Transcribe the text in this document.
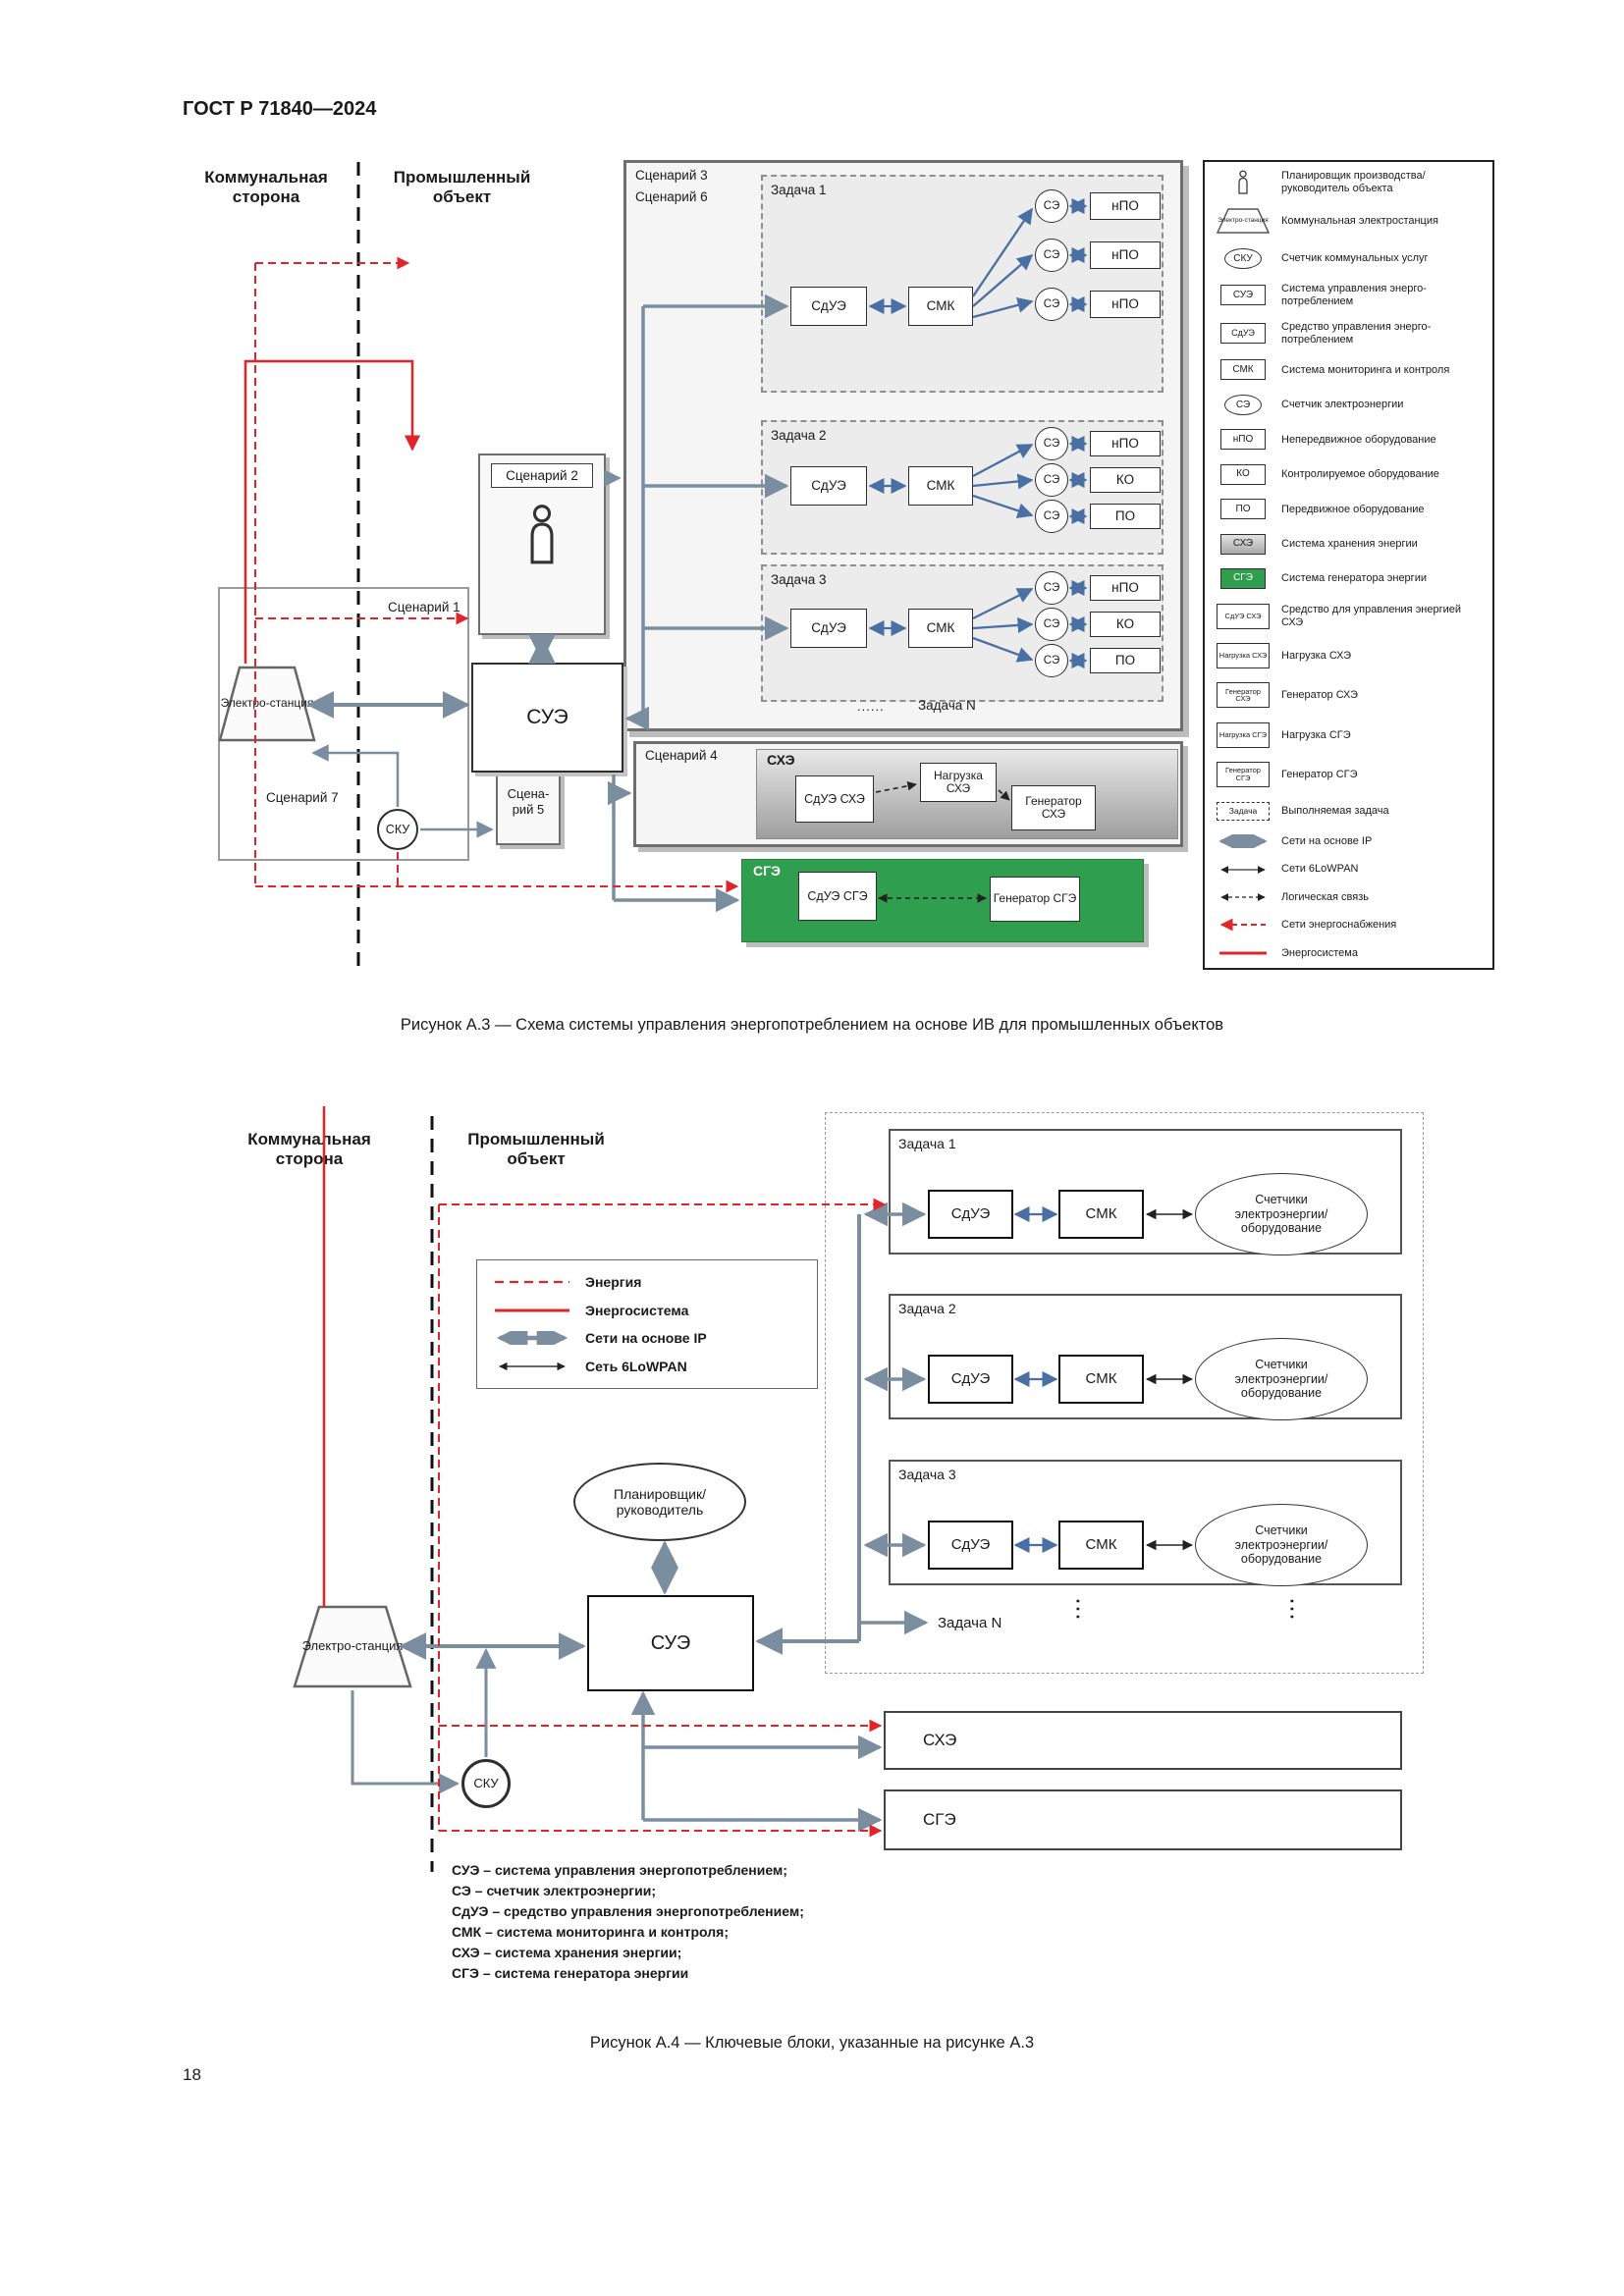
ГОСТ Р 71840—2024
Коммунальная сторона
Промышленный объект
Сценарий 3
Сценарий 6	Задача 1
СдУЭ	СМК
СЭ
СЭ
СЭ
нПО
нПО
нПО
Задача 2
СдУЭ	СМК
СЭ
СЭ
СЭ
нПО
КО
ПО
Задача 3
СдУЭ	СМК
СЭ
СЭ
СЭ
нПО
КО
ПО
......	Задача N
Сценарий 2
Сценарий 1
СУЭ
Электро-станция
Сценарий 7
СКУ
Сцена-рий 5
Сценарий 4	СХЭ
СдУЭ СХЭ
Нагрузка СХЭ
Генератор СХЭ
СГЭ
СдУЭ СГЭ	Генератор СГЭ
Планировщик производства/ руководитель объекта
Электро-станция Коммунальная электростанция
СКУ	Счетчик коммунальных услуг
СУЭ	Система управления энерго-потреблением
СдУЭ	Средство управления энерго-потреблением
СМК	Система мониторинга и контроля
СЭ	Счетчик электроэнергии
нПО	Непередвижное оборудование
КО	Контролируемое оборудование
ПО	Передвижное оборудование
СХЭ	Система хранения энергии
СГЭ	Система генератора энергии
СдУЭ СХЭ	Средство для управления энергией СХЭ
Нагрузка СХЭ Нагрузка СХЭ
Генератор СХЭ	Генератор СХЭ
Нагрузка СГЭ Нагрузка СГЭ
Генератор СГЭ	Генератор СГЭ
Задача	Выполняемая задача
Сети на основе IP
Сети 6LoWPAN
Логическая связь
Сети энергоснабжения
Энергосистема
Рисунок А.3 — Схема системы управления энергопотреблением на основе ИВ для промышленных объектов
Коммунальная сторона
Промышленный объект
Энергия
Энергосистема
Сети на основе IP
Сеть 6LoWPAN
Задача 1
СдУЭ	СМК
Счетчики электроэнергии/ оборудование
Задача 2
СдУЭ	СМК
Счетчики электроэнергии/ оборудование
Задача 3
СдУЭ	СМК
Счетчики электроэнергии/ оборудование
Задача N
···	···
Планировщик/ руководитель
СУЭ
Электро-станция
СКУ
СХЭ
СГЭ
СУЭ – система управления энергопотреблением;
СЭ – счетчик электроэнергии;
СдУЭ – средство управления энергопотреблением;
СМК – система мониторинга и контроля;
СХЭ – система хранения энергии;
СГЭ – система генератора энергии
Рисунок А.4 — Ключевые блоки, указанные на рисунке А.3
18
